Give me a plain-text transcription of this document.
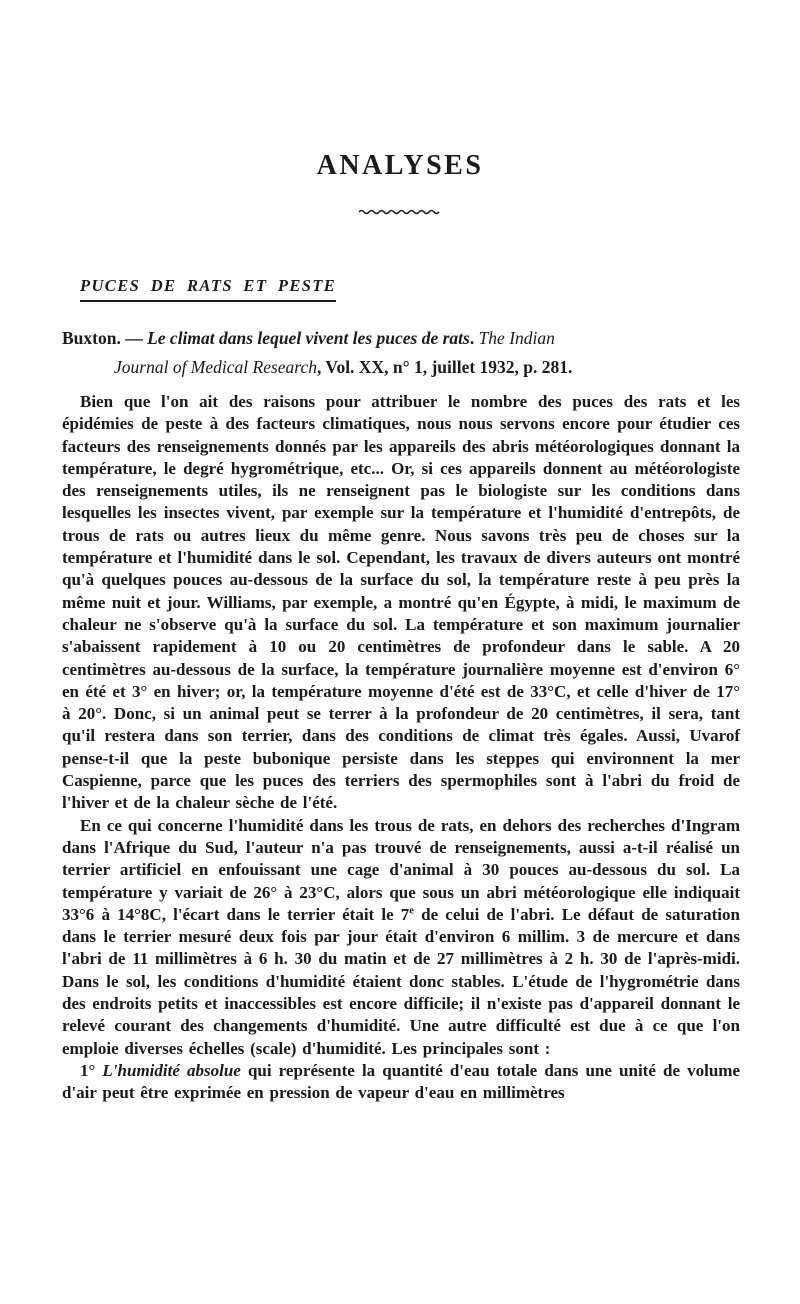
ANALYSES
PUCES DE RATS ET PESTE

Buxton. — Le climat dans lequel vivent les puces de rats. The Indian
Journal of Medical Research, Vol. XX, n° 1, juillet 1932, p. 281.

Bien que l'on ait des raisons pour attribuer le nombre des puces des rats et les épidémies de peste à des facteurs climatiques, nous nous servons encore pour étudier ces facteurs des renseignements donnés par les appareils des abris météorologiques donnant la température, le degré hygrométrique, etc... Or, si ces appareils donnent au météorologiste des renseignements utiles, ils ne renseignent pas le biologiste sur les conditions dans lesquelles les insectes vivent, par exemple sur la température et l'humidité d'entrepôts, de trous de rats ou autres lieux du même genre. Nous savons très peu de choses sur la température et l'humidité dans le sol. Cependant, les travaux de divers auteurs ont montré qu'à quelques pouces au-dessous de la surface du sol, la température reste à peu près la même nuit et jour. Williams, par exemple, a montré qu'en Égypte, à midi, le maximum de chaleur ne s'observe qu'à la surface du sol. La température et son maximum journalier s'abaissent rapidement à 10 ou 20 centimètres de profondeur dans le sable. A 20 centimètres au-dessous de la surface, la température journalière moyenne est d'environ 6° en été et 3° en hiver; or, la température moyenne d'été est de 33°C, et celle d'hiver de 17° à 20°. Donc, si un animal peut se terrer à la profondeur de 20 centimètres, il sera, tant qu'il restera dans son terrier, dans des conditions de climat très égales. Aussi, Uvarof pense-t-il que la peste bubonique persiste dans les steppes qui environnent la mer Caspienne, parce que les puces des terriers des spermophiles sont à l'abri du froid de l'hiver et de la chaleur sèche de l'été.

En ce qui concerne l'humidité dans les trous de rats, en dehors des recherches d'Ingram dans l'Afrique du Sud, l'auteur n'a pas trouvé de renseignements, aussi a-t-il réalisé un terrier artificiel en enfouissant une cage d'animal à 30 pouces au-dessous du sol. La température y variait de 26° à 23°C, alors que sous un abri météorologique elle indiquait 33°6 à 14°8C, l'écart dans le terrier était le 7e de celui de l'abri. Le défaut de saturation dans le terrier mesuré deux fois par jour était d'environ 6 millim. 3 de mercure et dans l'abri de 11 millimètres à 6 h. 30 du matin et de 27 millimètres à 2 h. 30 de l'après-midi. Dans le sol, les conditions d'humidité étaient donc stables. L'étude de l'hygrométrie dans des endroits petits et inaccessibles est encore difficile; il n'existe pas d'appareil donnant le relevé courant des changements d'humidité. Une autre difficulté est due à ce que l'on emploie diverses échelles (scale) d'humidité. Les principales sont :

1° L'humidité absolue qui représente la quantité d'eau totale dans une unité de volume d'air peut être exprimée en pression de vapeur d'eau en millimètres
